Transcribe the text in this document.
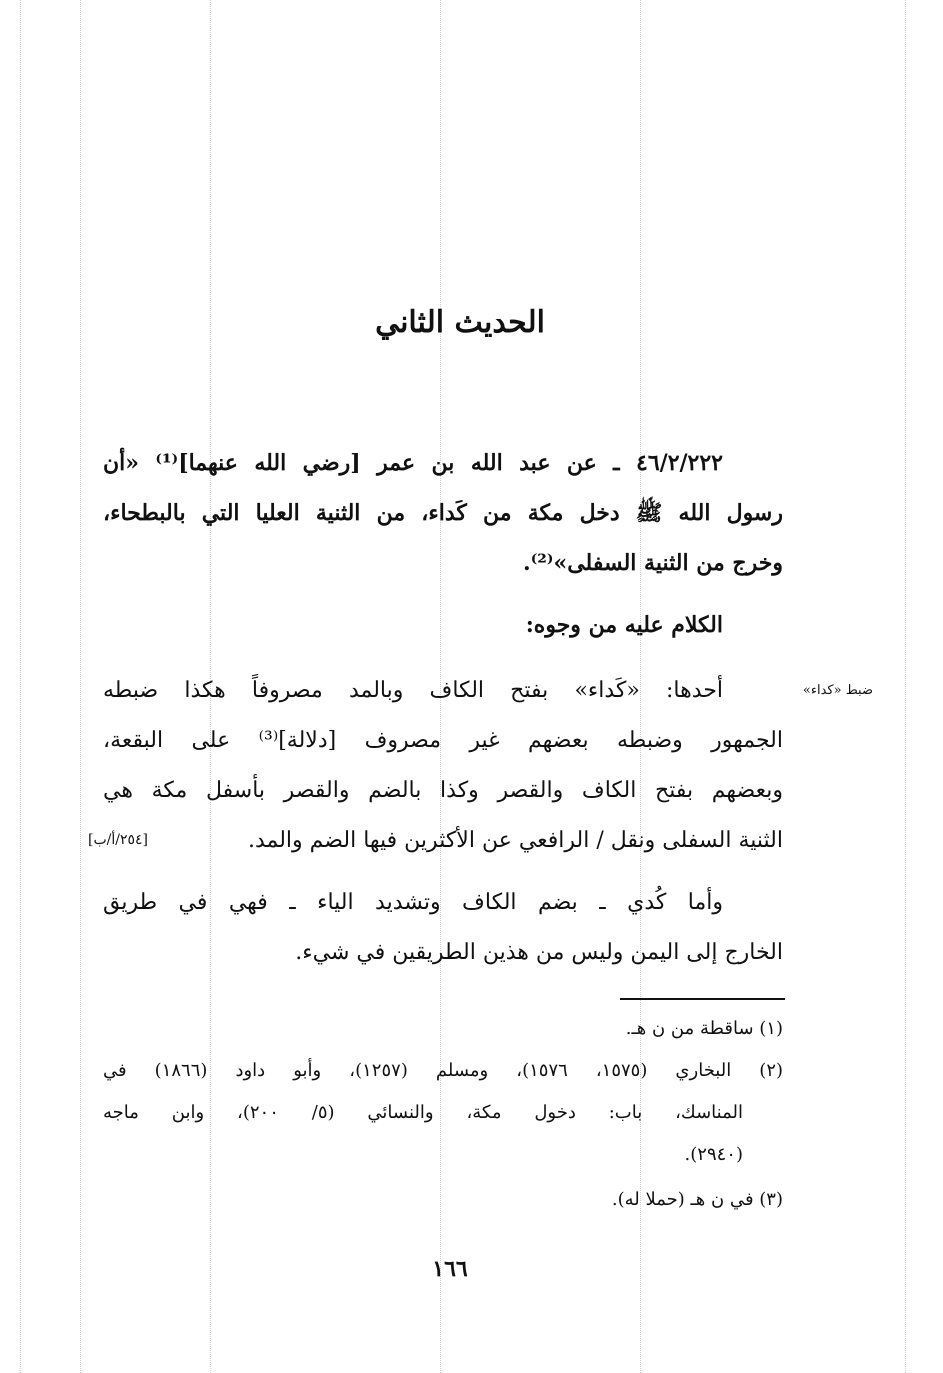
الحديث الثاني
٤٦/٢/٢٢٢ ـ عن عبد الله بن عمر [رضي الله عنهما]⁽¹⁾ «أن
رسول الله ﷺ دخل مكة من كَداء، من الثنية العليا التي بالبطحاء،
وخرج من الثنية السفلى»⁽²⁾.
الكلام عليه من وجوه:
ضبط «كداء»
[٢٥٤/أ/ب]
أحدها: «كَداء» بفتح الكاف وبالمد مصروفاً هكذا ضبطه
الجمهور وضبطه بعضهم غير مصروف [دلالة]⁽³⁾ على البقعة،
وبعضهم بفتح الكاف والقصر وكذا بالضم والقصر بأسفل مكة هي
الثنية السفلى ونقل / الرافعي عن الأكثرين فيها الضم والمد.
وأما كُدي ـ بضم الكاف وتشديد الياء ـ فهي في طريق
الخارج إلى اليمن وليس من هذين الطريقين في شيء.
(١) ساقطة من ن هـ.
(٢) البخاري (١٥٧٥، ١٥٧٦)، ومسلم (١٢٥٧)، وأبو داود (١٨٦٦) في
المناسك، باب: دخول مكة، والنسائي (٥/ ٢٠٠)، وابن ماجه
(٢٩٤٠).
(٣) في ن هـ (حملا له).
١٦٦
